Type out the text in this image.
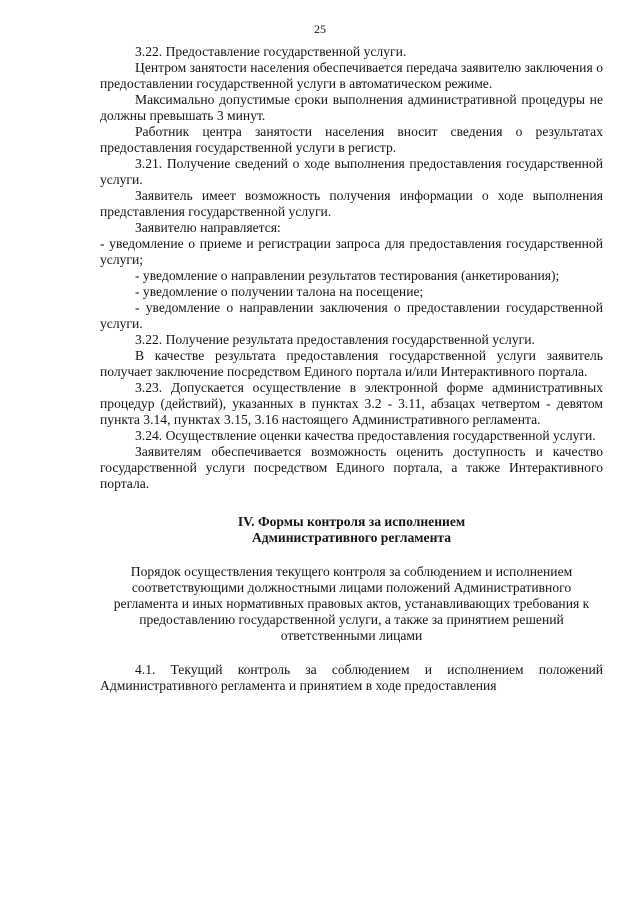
25

3.22. Предоставление государственной услуги.

Центром занятости населения обеспечивается передача заявителю заключения о предоставлении государственной услуги в автоматическом режиме.

Максимально допустимые сроки выполнения административной процедуры не должны превышать 3 минут.

Работник центра занятости населения вносит сведения о результатах предоставления государственной услуги в регистр.

3.21. Получение сведений о ходе выполнения предоставления государственной услуги.

Заявитель имеет возможность получения информации о ходе выполнения представления государственной услуги.

Заявителю направляется:

- уведомление о приеме и регистрации запроса для предоставления государственной услуги;

- уведомление о направлении результатов тестирования (анкетирования);

- уведомление о получении талона на посещение;

- уведомление о направлении заключения о предоставлении государственной услуги.

3.22. Получение результата предоставления государственной услуги.

В качестве результата предоставления государственной услуги заявитель получает заключение посредством Единого портала и/или Интерактивного портала.

3.23. Допускается осуществление в электронной форме административных процедур (действий), указанных в пунктах 3.2 - 3.11, абзацах четвертом - девятом пункта 3.14, пунктах 3.15, 3.16 настоящего Административного регламента.

3.24. Осуществление оценки качества предоставления государственной услуги.

Заявителям обеспечивается возможность оценить доступность и качество государственной услуги посредством Единого портала, а также Интерактивного портала.

IV. Формы контроля за исполнением
Административного регламента
Порядок осуществления текущего контроля за соблюдением и исполнением соответствующими должностными лицами положений Административного регламента и иных нормативных правовых актов, устанавливающих требования к предоставлению государственной услуги, а также за принятием решений ответственными лицами

4.1. Текущий контроль за соблюдением и исполнением положений Административного регламента и принятием в ходе предоставления
